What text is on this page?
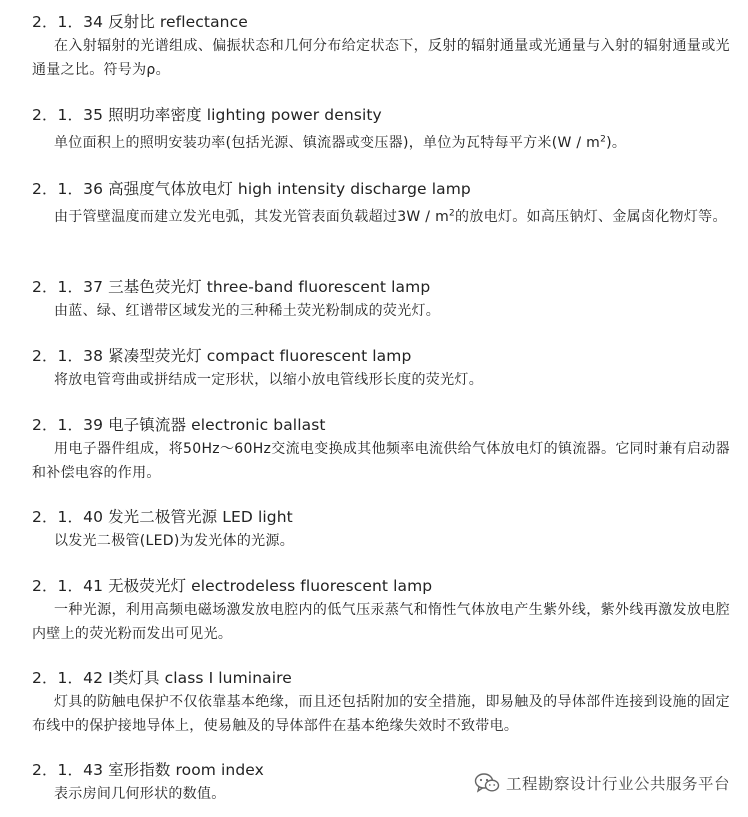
2．1．34 反射比 reflectance
在入射辐射的光谱组成、偏振状态和几何分布给定状态下，反射的辐射通量或光通量与入射的辐射通量或光通量之比。符号为ρ。
2．1．35 照明功率密度 lighting power density
单位面积上的照明安装功率(包括光源、镇流器或变压器)，单位为瓦特每平方米$(W / m^2)$。
2．1．36 高强度气体放电灯 high intensity discharge lamp
由于管壁温度而建立发光电弧，其发光管表面负载超过$3W / m^2$的放电灯。如高压钠灯、金属卤化物灯等。
2．1．37 三基色荧光灯 three-band fluorescent lamp
由蓝、绿、红谱带区域发光的三种稀土荧光粉制成的荧光灯。
2．1．38 紧凑型荧光灯 compact fluorescent lamp
将放电管弯曲或拼结成一定形状，以缩小放电管线形长度的荧光灯。
2．1．39 电子镇流器 electronic ballast
用电子器件组成，将50Hz～60Hz交流电变换成其他频率电流供给气体放电灯的镇流器。它同时兼有启动器和补偿电容的作用。
2．1．40 发光二极管光源 LED light
以发光二极管(LED)为发光体的光源。
2．1．41 无极荧光灯 electrodeless fluorescent lamp
一种光源，利用高频电磁场激发放电腔内的低气压汞蒸气和惰性气体放电产生紫外线，紫外线再激发放电腔内壁上的荧光粉而发出可见光。
2．1．42 Ⅰ类灯具 class Ⅰ luminaire
灯具的防触电保护不仅依靠基本绝缘，而且还包括附加的安全措施，即易触及的导体部件连接到设施的固定布线中的保护接地导体上，使易触及的导体部件在基本绝缘失效时不致带电。
2．1．43 室形指数 room index
表示房间几何形状的数值。
工程勘察设计行业公共服务平台
